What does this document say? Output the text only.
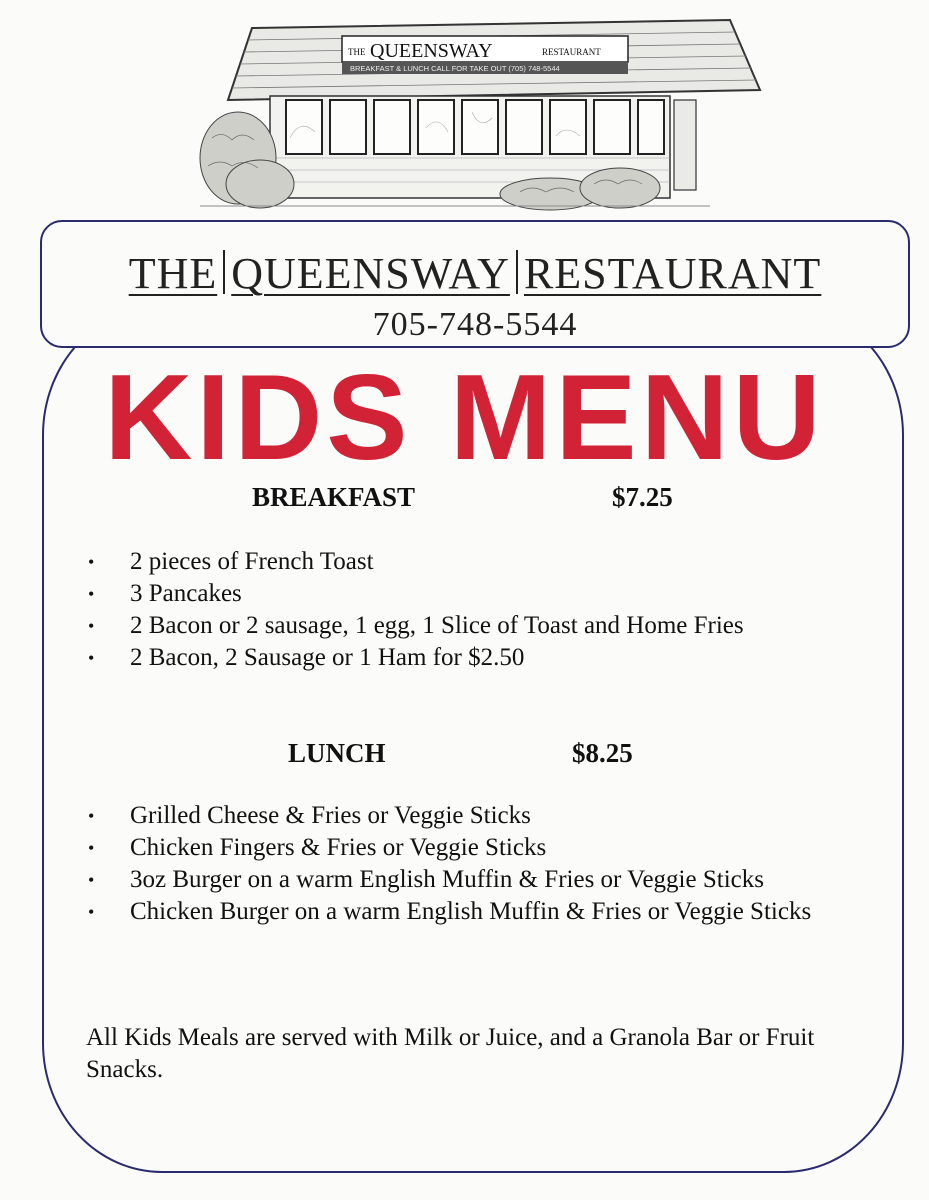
THE QUEENSWAY	RESTAURANT
BREAKFAST & LUNCH CALL FOR TAKE OUT (705) 748-5544
THE QUEENSWAY RESTAURANT
705-748-5544
KIDS MENU
BREAKFAST	$7.25
• 2 pieces of French Toast
• 3 Pancakes
• 2 Bacon or 2 sausage, 1 egg, 1 Slice of Toast and Home Fries
• 2 Bacon, 2 Sausage or 1 Ham for $2.50
LUNCH	$8.25
• Grilled Cheese & Fries or Veggie Sticks
• Chicken Fingers & Fries or Veggie Sticks
• 3oz Burger on a warm English Muffin & Fries or Veggie Sticks
• Chicken Burger on a warm English Muffin & Fries or Veggie Sticks
All Kids Meals are served with Milk or Juice, and a Granola Bar or Fruit Snacks.
